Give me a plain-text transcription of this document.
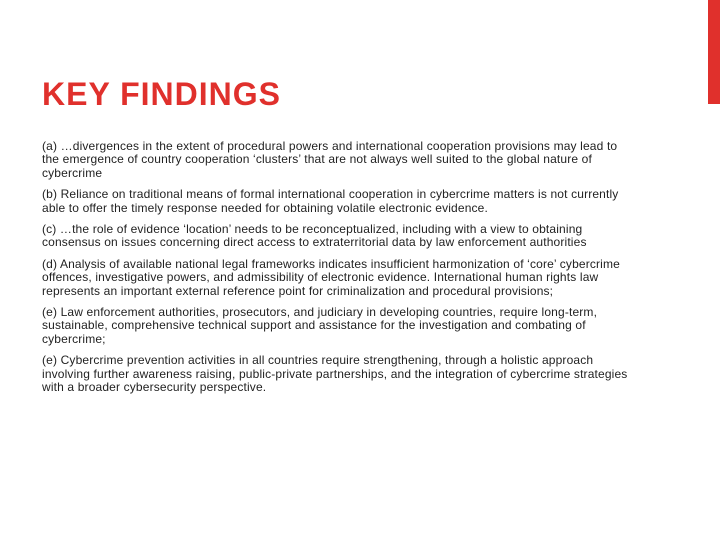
KEY FINDINGS
(a) …divergences in the extent of procedural powers and international cooperation provisions may lead to the emergence of country cooperation ‘clusters’ that are not always well suited to the global nature of cybercrime
(b) Reliance on traditional means of formal international cooperation in cybercrime matters is not currently able to offer the timely response needed for obtaining volatile electronic evidence.
(c) …the role of evidence ‘location’ needs to be reconceptualized, including with a view to obtaining consensus on issues concerning direct access to extraterritorial data by law enforcement authorities
(d) Analysis of available national legal frameworks indicates insufficient harmonization of ‘core’ cybercrime offences, investigative powers, and admissibility of electronic evidence. International human rights law represents an important external reference point for criminalization and procedural provisions;
(e) Law enforcement authorities, prosecutors, and judiciary in developing countries, require long-term, sustainable, comprehensive technical support and assistance for the investigation and combating of cybercrime;
(e) Cybercrime prevention activities in all countries require strengthening, through a holistic approach involving further awareness raising, public-private partnerships, and the integration of cybercrime strategies with a broader cybersecurity perspective.
